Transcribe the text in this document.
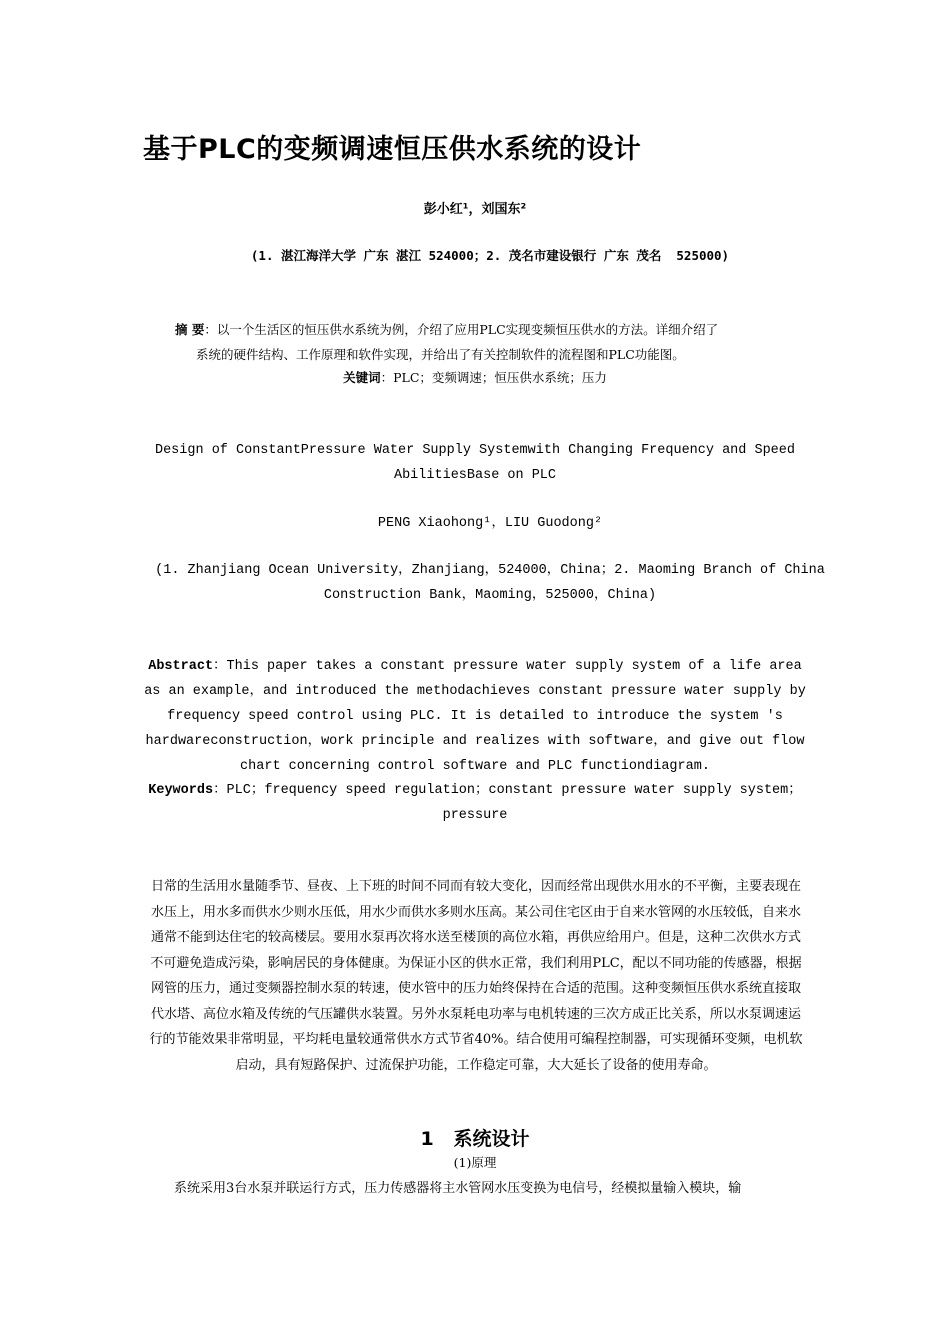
基于PLC的变频调速恒压供水系统的设计
彭小红¹，刘国东²
(1. 湛江海洋大学 广东 湛江 524000；2. 茂名市建设银行 广东 茂名  525000)
摘 要：以一个生活区的恒压供水系统为例，介绍了应用PLC实现变频恒压供水的方法。详细介绍了
系统的硬件结构、工作原理和软件实现，并给出了有关控制软件的流程图和PLC功能图。
关键词：PLC；变频调速；恒压供水系统；压力
Design of ConstantPressure Water Supply Systemwith Changing Frequency and Speed AbilitiesBase on PLC
PENG Xiaohong¹，LIU Guodong²
(1. Zhanjiang Ocean University，Zhanjiang，524000，China；2. Maoming Branch of China Construction Bank，Maoming，525000，China)
Abstract：This paper takes a constant pressure water supply system of a life area as an example，and introduced the methodachieves constant pressure water supply by frequency speed control using PLC. It is detailed to introduce the system ′s hardwareconstruction，work principle and realizes with software，and give out flow chart concerning control software and PLC functiondiagram.
Keywords：PLC；frequency speed regulation；constant pressure water supply system；pressure
日常的生活用水量随季节、昼夜、上下班的时间不同而有较大变化，因而经常出现供水用水的不平衡，主要表现在水压上，用水多而供水少则水压低，用水少而供水多则水压高。某公司住宅区由于自来水管网的水压较低，自来水通常不能到达住宅的较高楼层。要用水泵再次将水送至楼顶的高位水箱，再供应给用户。但是，这种二次供水方式不可避免造成污染，影响居民的身体健康。为保证小区的供水正常，我们利用PLC，配以不同功能的传感器，根据网管的压力，通过变频器控制水泵的转速，使水管中的压力始终保持在合适的范围。这种变频恒压供水系统直接取代水塔、高位水箱及传统的气压罐供水装置。另外水泵耗电功率与电机转速的三次方成正比关系，所以水泵调速运行的节能效果非常明显，平均耗电量较通常供水方式节省40%。结合使用可编程控制器，可实现循环变频，电机软启动，具有短路保护、过流保护功能，工作稳定可靠，大大延长了设备的使用寿命。
1   系统设计
(1)原理
系统采用3台水泵并联运行方式，压力传感器将主水管网水压变换为电信号，经模拟量输入模块，输
